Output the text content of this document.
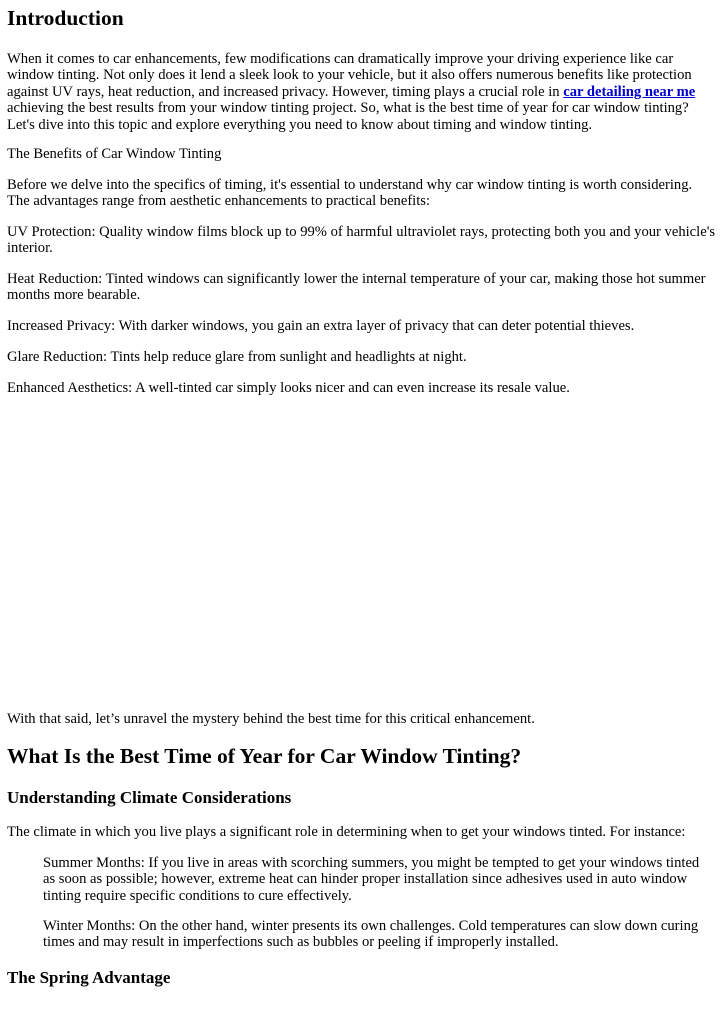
Introduction

When it comes to car enhancements, few modifications can dramatically improve your driving experience like car window tinting. Not only does it lend a sleek look to your vehicle, but it also offers numerous benefits like protection against UV rays, heat reduction, and increased privacy. However, timing plays a crucial role in car detailing near me achieving the best results from your window tinting project. So, what is the best time of year for car window tinting? Let's dive into this topic and explore everything you need to know about timing and window tinting.

The Benefits of Car Window Tinting

Before we delve into the specifics of timing, it's essential to understand why car window tinting is worth considering. The advantages range from aesthetic enhancements to practical benefits:

UV Protection: Quality window films block up to 99% of harmful ultraviolet rays, protecting both you and your vehicle's interior.

Heat Reduction: Tinted windows can significantly lower the internal temperature of your car, making those hot summer months more bearable.

Increased Privacy: With darker windows, you gain an extra layer of privacy that can deter potential thieves.

Glare Reduction: Tints help reduce glare from sunlight and headlights at night.

Enhanced Aesthetics: A well-tinted car simply looks nicer and can even increase its resale value.

With that said, let’s unravel the mystery behind the best time for this critical enhancement.

What Is the Best Time of Year for Car Window Tinting?
Understanding Climate Considerations

The climate in which you live plays a significant role in determining when to get your windows tinted. For instance:

Summer Months: If you live in areas with scorching summers, you might be tempted to get your windows tinted as soon as possible; however, extreme heat can hinder proper installation since adhesives used in auto window tinting require specific conditions to cure effectively.

Winter Months: On the other hand, winter presents its own challenges. Cold temperatures can slow down curing times and may result in imperfections such as bubbles or peeling if improperly installed.

The Spring Advantage
